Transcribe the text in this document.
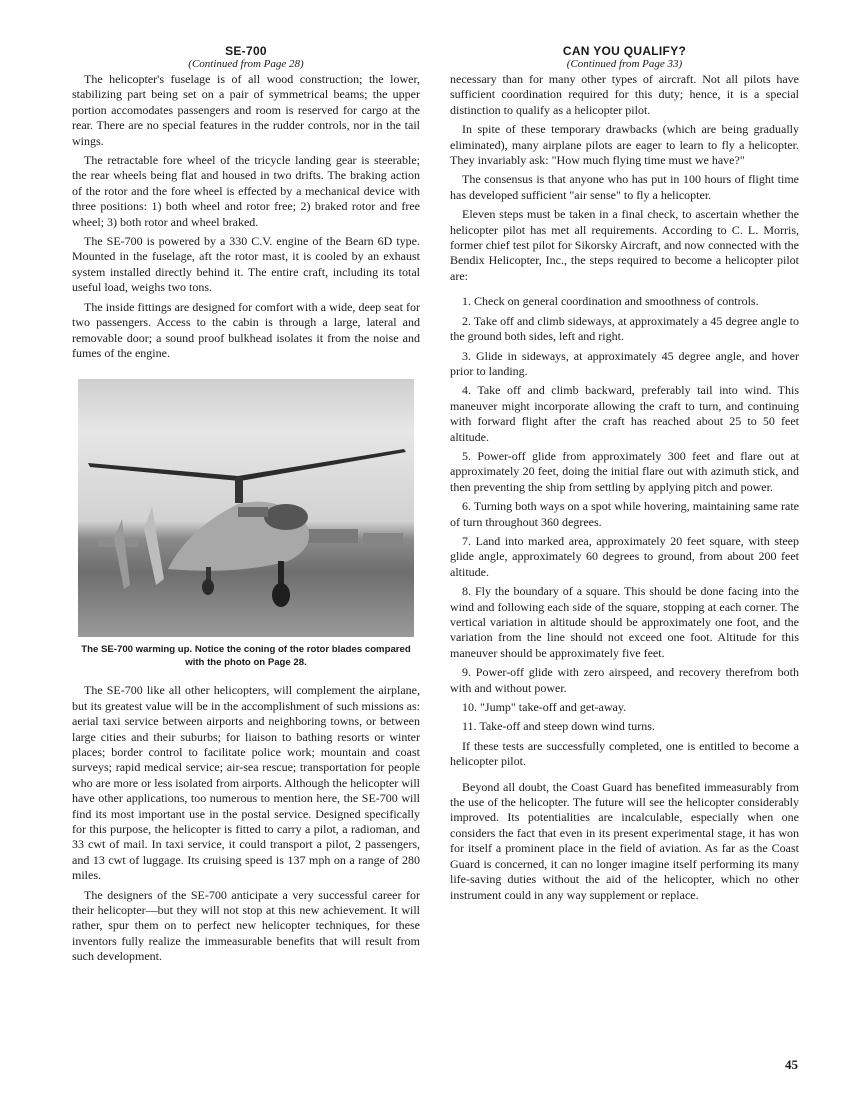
SE-700
(Continued from Page 28)

The helicopter's fuselage is of all wood construction; the lower, stabilizing part being set on a pair of symmetrical beams; the upper portion accomodates passengers and room is reserved for cargo at the rear. There are no special features in the rudder controls, nor in the tail wings.

The retractable fore wheel of the tricycle landing gear is steerable; the rear wheels being flat and housed in two drifts. The braking action of the rotor and the fore wheel is effected by a mechanical device with three positions: 1) both wheel and rotor free; 2) braked rotor and free wheel; 3) both rotor and wheel braked.

The SE-700 is powered by a 330 C.V. engine of the Bearn 6D type. Mounted in the fuselage, aft the rotor mast, it is cooled by an exhaust system installed directly behind it. The entire craft, including its total useful load, weighs two tons.

The inside fittings are designed for comfort with a wide, deep seat for two passengers. Access to the cabin is through a large, lateral and removable door; a sound proof bulkhead isolates it from the noise and fumes of the engine.

The SE-700 warming up. Notice the coning of the rotor blades compared with the photo on Page 28.

The SE-700 like all other helicopters, will complement the airplane, but its greatest value will be in the accomplishment of such missions as: aerial taxi service between airports and neighboring towns, or between large cities and their suburbs; for liaison to bathing resorts or winter places; border control to facilitate police work; mountain and coast surveys; rapid medical service; air-sea rescue; transportation for people who are more or less isolated from airports. Although the helicopter will have other applications, too numerous to mention here, the SE-700 will find its most important use in the postal service. Designed specifically for this purpose, the helicopter is fitted to carry a pilot, a radioman, and 33 cwt of mail. In taxi service, it could transport a pilot, 2 passengers, and 13 cwt of luggage. Its cruising speed is 137 mph on a range of 280 miles.

The designers of the SE-700 anticipate a very successful career for their helicopter—but they will not stop at this new achievement. It will rather, spur them on to perfect new helicopter techniques, for these inventors fully realize the immeasurable benefits that will result from such development.

CAN YOU QUALIFY?
(Continued from Page 33)

necessary than for many other types of aircraft. Not all pilots have sufficient coordination required for this duty; hence, it is a special distinction to qualify as a helicopter pilot.

In spite of these temporary drawbacks (which are being gradually eliminated), many airplane pilots are eager to learn to fly a helicopter. They invariably ask: "How much flying time must we have?"

The consensus is that anyone who has put in 100 hours of flight time has developed sufficient "air sense" to fly a helicopter.

Eleven steps must be taken in a final check, to ascertain whether the helicopter pilot has met all requirements. According to C. L. Morris, former chief test pilot for Sikorsky Aircraft, and now connected with the Bendix Helicopter, Inc., the steps required to become a helicopter pilot are:

1. Check on general coordination and smoothness of controls.

2. Take off and climb sideways, at approximately a 45 degree angle to the ground both sides, left and right.

3. Glide in sideways, at approximately 45 degree angle, and hover prior to landing.

4. Take off and climb backward, preferably tail into wind. This maneuver might incorporate allowing the craft to turn, and continuing with forward flight after the craft has reached about 25 to 50 feet altitude.

5. Power-off glide from approximately 300 feet and flare out at approximately 20 feet, doing the initial flare out with azimuth stick, and then preventing the ship from settling by applying pitch and power.

6. Turning both ways on a spot while hovering, maintaining same rate of turn throughout 360 degrees.

7. Land into marked area, approximately 20 feet square, with steep glide angle, approximately 60 degrees to ground, from about 200 feet altitude.

8. Fly the boundary of a square. This should be done facing into the wind and following each side of the square, stopping at each corner. The vertical variation in altitude should be approximately one foot, and the variation from the line should not exceed one foot. Altitude for this maneuver should be approximately five feet.

9. Power-off glide with zero airspeed, and recovery therefrom both with and without power.

10. "Jump" take-off and get-away.

11. Take-off and steep down wind turns.

If these tests are successfully completed, one is entitled to become a helicopter pilot.

Beyond all doubt, the Coast Guard has benefited immeasurably from the use of the helicopter. The future will see the helicopter considerably improved. Its potentialities are incalculable, especially when one considers the fact that even in its present experimental stage, it has won for itself a prominent place in the field of aviation. As far as the Coast Guard is concerned, it can no longer imagine itself performing its many life-saving duties without the aid of the helicopter, which no other instrument could in any way supplement or replace.

45
